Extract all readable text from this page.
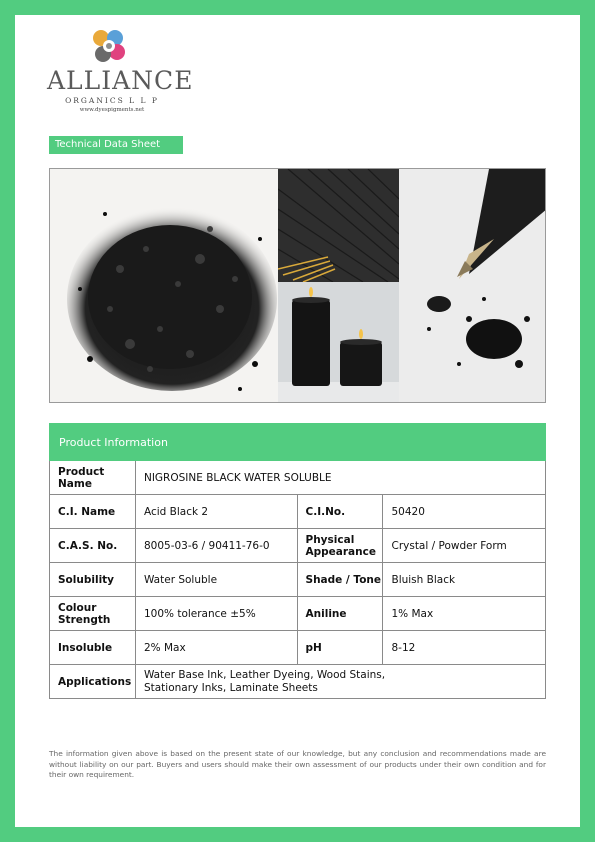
ALLIANCE
ORGANICS L L P
www.dyespigments.net
Technical Data Sheet
Product Information			
Product Name	NIGROSINE BLACK WATER SOLUBLE		
C.I. Name	Acid Black 2	C.I.No.	50420
C.A.S. No.	8005-03-6 / 90411-76-0	Physical Appearance	Crystal / Powder Form
Solubility	Water Soluble	Shade / Tone	Bluish Black
Colour Strength	100% tolerance ±5%	Aniline	1% Max
Insoluble	2% Max	pH	8-12
Applications	Water Base Ink, Leather Dyeing, Wood Stains, Stationary Inks, Laminate Sheets		
The information given above is based on the present state of our knowledge, but any conclusion and recommendations made are without liability on our part. Buyers and users should make their own assessment of our products under their own condition and for their own requirement.
